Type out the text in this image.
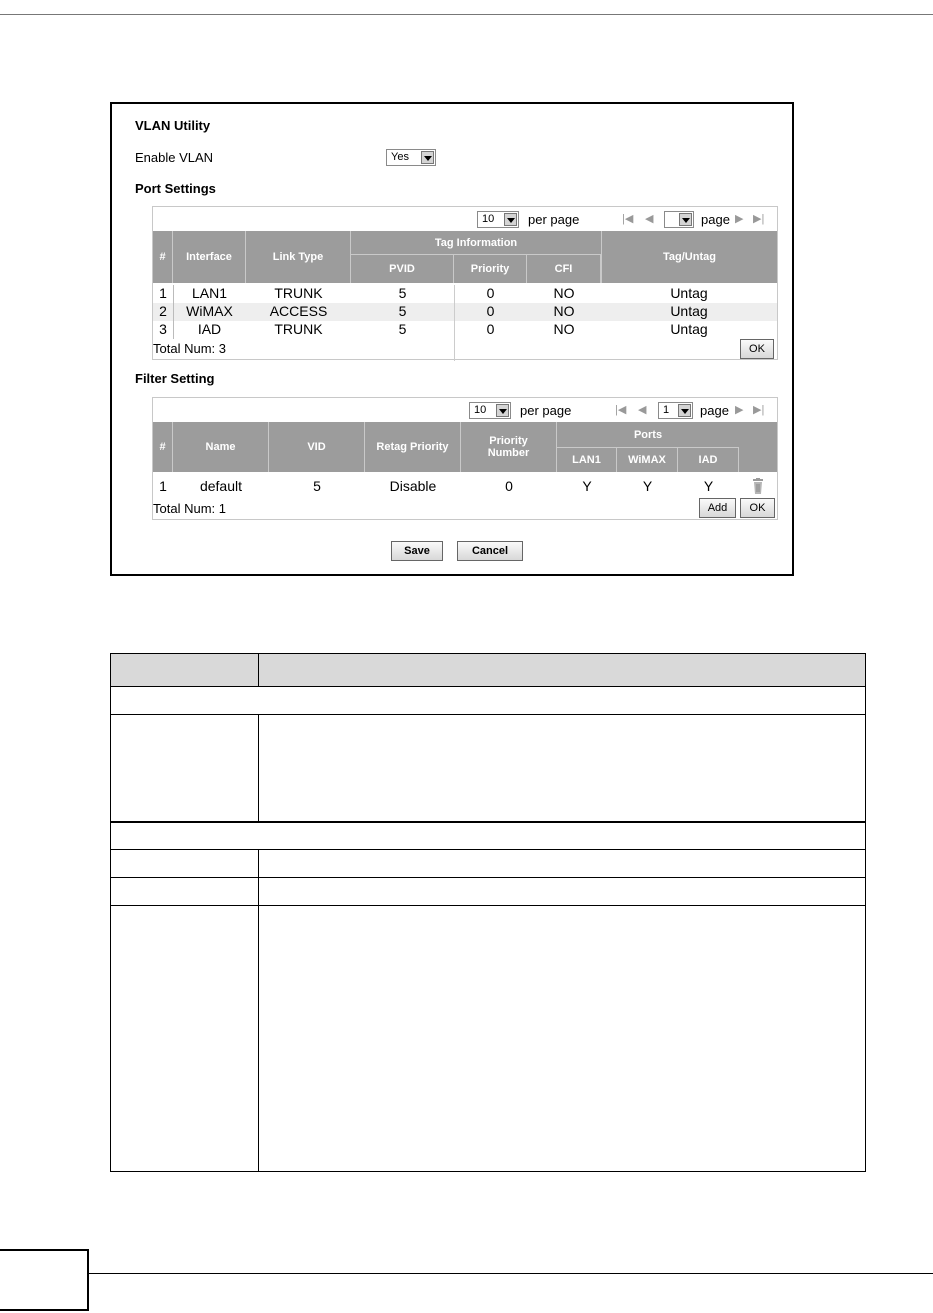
VLAN Utility
Enable VLAN	Yes
Port Settings
10	per page	|◀ ◀	page ▶ ▶|
#	Interface	Link Type
Tag Information
PVID	Priority	CFI
Tag/Untag
1	LAN1	TRUNK	5	0	NO	Untag
2	WiMAX	ACCESS	5	0	NO	Untag
3	IAD	TRUNK	5	0	NO	Untag
Total Num: 3	OK
Filter Setting
10	per page	|◀ ◀ 1 page ▶ ▶|
#	Name	VID	Retag Priority	Priority Number
Ports
LAN1	WiMAX	IAD
1	default	5	Disable	0	Y	Y	Y
Total Num: 1	Add	OK
Save	Cancel
